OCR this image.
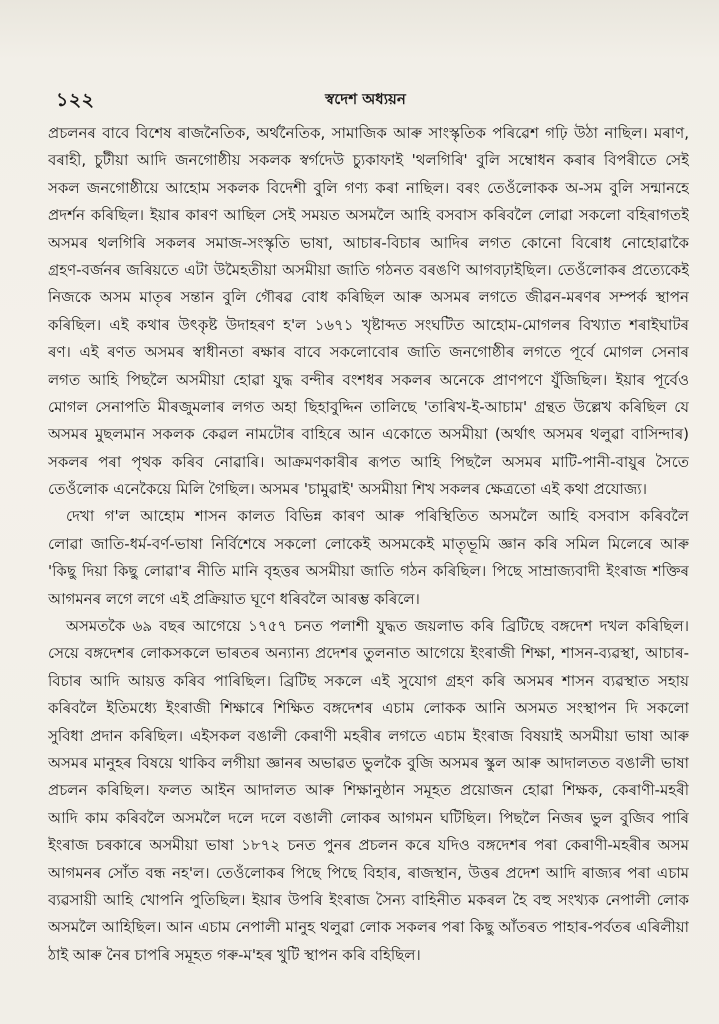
১২২	স্বদেশ অধ্যয়ন
প্ৰচলনৰ বাবে বিশেষ ৰাজনৈতিক, অৰ্থনৈতিক, সামাজিক আৰু সাংস্কৃতিক পৰিৱেশ গঢ়ি উঠা নাছিল। মৰাণ,
বৰাহী, চুটীয়া আদি জনগোষ্ঠীয় সকলক স্বৰ্গদেউ চ্যুকাফাই 'থলগিৰি' বুলি সম্বোধন কৰাৰ বিপৰীতে সেই
সকল জনগোষ্ঠীয়ে আহোম সকলক বিদেশী বুলি গণ্য কৰা নাছিল। বৰং তেওঁলোকক অ-সম বুলি সন্মানহে
প্ৰদৰ্শন কৰিছিল। ইয়াৰ কাৰণ আছিল সেই সময়ত অসমলৈ আহি বসবাস কৰিবলৈ লোৱা সকলো বহিৰাগতই
অসমৰ থলগিৰি সকলৰ সমাজ-সংস্কৃতি ভাষা, আচাৰ-বিচাৰ আদিৰ লগত কোনো বিৰোধ নোহোৱাকৈ
গ্ৰহণ-বৰ্জনৰ জৰিয়তে এটা উমৈহতীয়া অসমীয়া জাতি গঠনত বৰঙণি আগবঢ়াইছিল। তেওঁলোকৰ প্ৰত্যেকেই
নিজকে অসম মাতৃৰ সন্তান বুলি গৌৰৱ বোধ কৰিছিল আৰু অসমৰ লগতে জীৱন-মৰণৰ সম্পৰ্ক স্থাপন
কৰিছিল। এই কথাৰ উৎকৃষ্ট উদাহৰণ হ'ল ১৬৭১ খৃষ্টাব্দত সংঘটিত আহোম-মোগলৰ বিখ্যাত শৰাইঘাটৰ
ৰণ। এই ৰণত অসমৰ স্বাধীনতা ৰক্ষাৰ বাবে সকলোবোৰ জাতি জনগোষ্ঠীৰ লগতে পূৰ্বে মোগল সেনাৰ
লগত আহি পিছলৈ অসমীয়া হোৱা যুদ্ধ বন্দীৰ বংশধৰ সকলৰ অনেকে প্ৰাণপণে যুঁজিছিল। ইয়াৰ পূৰ্বেও
মোগল সেনাপতি মীৰজুমলাৰ লগত অহা ছিহাবুদ্দিন তালিছে 'তাৰিখ-ই-আচাম' গ্ৰন্থত উল্লেখ কৰিছিল যে
অসমৰ মুছলমান সকলক কেৱল নামটোৰ বাহিৰে আন একোতে অসমীয়া (অৰ্থাৎ অসমৰ থলুৱা বাসিন্দাৰ)
সকলৰ পৰা পৃথক কৰিব নোৱাৰি। আক্ৰমণকাৰীৰ ৰূপত আহি পিছলৈ অসমৰ মাটি-পানী-বায়ুৰ সৈতে
তেওঁলোক এনেকৈয়ে মিলি গৈছিল। অসমৰ 'চামুৱাই' অসমীয়া শিখ সকলৰ ক্ষেত্ৰতো এই কথা প্ৰযোজ্য।
দেখা গ'ল আহোম শাসন কালত বিভিন্ন কাৰণ আৰু পৰিস্থিতিত অসমলৈ আহি বসবাস কৰিবলৈ
লোৱা জাতি-ধৰ্ম-বৰ্ণ-ভাষা নিৰ্বিশেষে সকলো লোকেই অসমকেই মাতৃভূমি জ্ঞান কৰি সমিল মিলেৰে আৰু
'কিছু দিয়া কিছু লোৱা'ৰ নীতি মানি বৃহত্তৰ অসমীয়া জাতি গঠন কৰিছিল। পিছে সাম্ৰাজ্যবাদী ইংৰাজ শক্তিৰ
আগমনৰ লগে লগে এই প্ৰক্ৰিয়াত ঘূণে ধৰিবলৈ আৰম্ভ কৰিলে।
অসমতকৈ ৬৯ বছৰ আগেয়ে ১৭৫৭ চনত পলাশী যুদ্ধত জয়লাভ কৰি ব্ৰিটিছে বঙ্গদেশ দখল কৰিছিল।
সেয়ে বঙ্গদেশৰ লোকসকলে ভাৰতৰ অন্যান্য প্ৰদেশৰ তুলনাত আগেয়ে ইংৰাজী শিক্ষা, শাসন-ব্যৱস্থা, আচাৰ-
বিচাৰ আদি আয়ত্ত কৰিব পাৰিছিল। ব্ৰিটিছ সকলে এই সুযোগ গ্ৰহণ কৰি অসমৰ শাসন ব্যৱস্থাত সহায়
কৰিবলৈ ইতিমধ্যে ইংৰাজী শিক্ষাৰে শিক্ষিত বঙ্গদেশৰ এচাম লোকক আনি অসমত সংস্থাপন দি সকলো
সুবিধা প্ৰদান কৰিছিল। এইসকল বঙালী কেৰাণী মহৰীৰ লগতে এচাম ইংৰাজ বিষয়াই অসমীয়া ভাষা আৰু
অসমৰ মানুহৰ বিষয়ে থাকিব লগীয়া জ্ঞানৰ অভাৱত ভুলকৈ বুজি অসমৰ স্কুল আৰু আদালতত বঙালী ভাষা
প্ৰচলন কৰিছিল। ফলত আইন আদালত আৰু শিক্ষানুষ্ঠান সমূহত প্ৰয়োজন হোৱা শিক্ষক, কেৰাণী-মহৰী
আদি কাম কৰিবলৈ অসমলৈ দলে দলে বঙালী লোকৰ আগমন ঘটিছিল। পিছলৈ নিজৰ ভুল বুজিব পাৰি
ইংৰাজ চৰকাৰে অসমীয়া ভাষা ১৮৭২ চনত পুনৰ প্ৰচলন কৰে যদিও বঙ্গদেশৰ পৰা কেৰাণী-মহৰীৰ অসম
আগমনৰ সোঁত বন্ধ নহ'ল। তেওঁলোকৰ পিছে পিছে বিহাৰ, ৰাজস্থান, উত্তৰ প্ৰদেশ আদি ৰাজ্যৰ পৰা এচাম
ব্যৱসায়ী আহি খোপনি পুতিছিল। ইয়াৰ উপৰি ইংৰাজ সৈন্য বাহিনীত মকৰল হৈ বহু সংখ্যক নেপালী লোক
অসমলৈ আহিছিল। আন এচাম নেপালী মানুহ থলুৱা লোক সকলৰ পৰা কিছু আঁতৰত পাহাৰ-পৰ্বতৰ এৰিলীয়া
ঠাই আৰু নৈৰ চাপৰি সমূহত গৰু-ম'হৰ খুটি স্থাপন কৰি বহিছিল।
